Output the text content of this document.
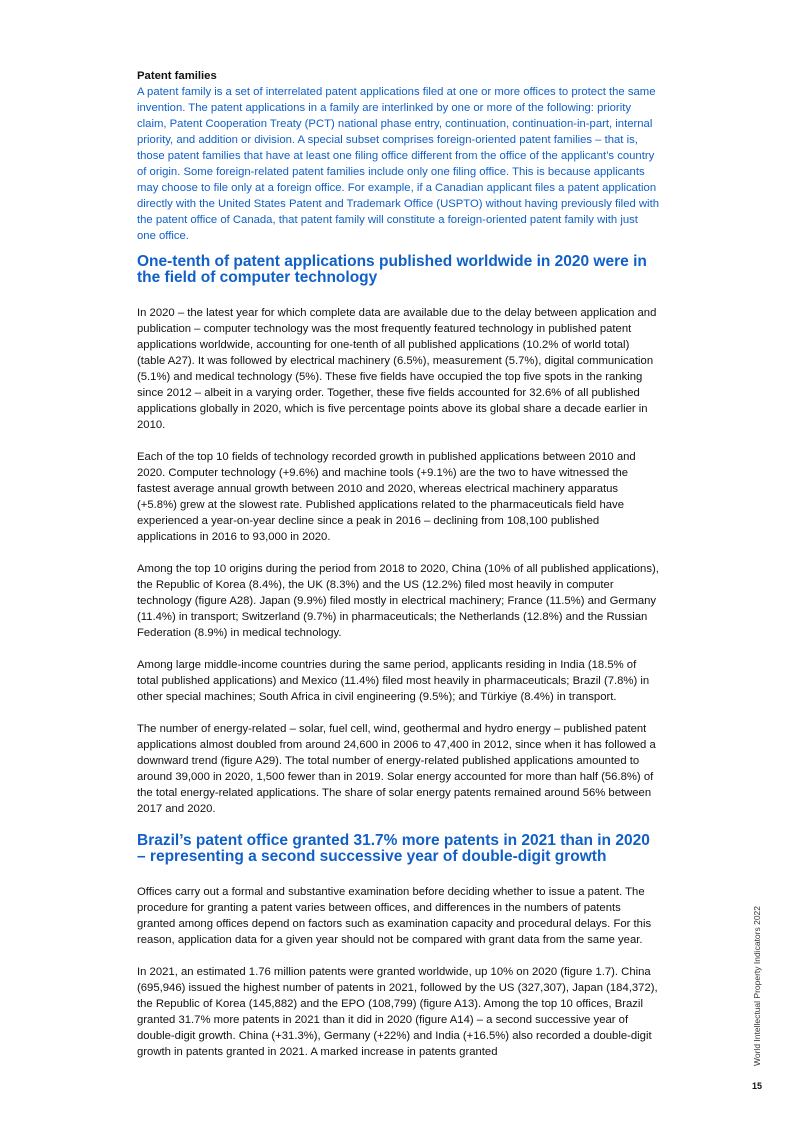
Patent families

A patent family is a set of interrelated patent applications filed at one or more offices to protect the same invention. The patent applications in a family are interlinked by one or more of the following: priority claim, Patent Cooperation Treaty (PCT) national phase entry, continuation, continuation-in-part, internal priority, and addition or division. A special subset comprises foreign-oriented patent families – that is, those patent families that have at least one filing office different from the office of the applicant’s country of origin. Some foreign-related patent families include only one filing office. This is because applicants may choose to file only at a foreign office. For example, if a Canadian applicant files a patent application directly with the United States Patent and Trademark Office (USPTO) without having previously filed with the patent office of Canada, that patent family will constitute a foreign-oriented patent family with just one office.

One-tenth of patent applications published worldwide in 2020 were in the field of computer technology

In 2020 – the latest year for which complete data are available due to the delay between application and publication – computer technology was the most frequently featured technology in published patent applications worldwide, accounting for one-tenth of all published applications (10.2% of world total) (table A27). It was followed by electrical machinery (6.5%), measurement (5.7%), digital communication (5.1%) and medical technology (5%). These five fields have occupied the top five spots in the ranking since 2012 – albeit in a varying order. Together, these five fields accounted for 32.6% of all published applications globally in 2020, which is five percentage points above its global share a decade earlier in 2010.

Each of the top 10 fields of technology recorded growth in published applications between 2010 and 2020. Computer technology (+9.6%) and machine tools (+9.1%) are the two to have witnessed the fastest average annual growth between 2010 and 2020, whereas electrical machinery apparatus (+5.8%) grew at the slowest rate. Published applications related to the pharmaceuticals field have experienced a year-on-year decline since a peak in 2016 – declining from 108,100 published applications in 2016 to 93,000 in 2020.

Among the top 10 origins during the period from 2018 to 2020, China (10% of all published applications), the Republic of Korea (8.4%), the UK (8.3%) and the US (12.2%) filed most heavily in computer technology (figure A28). Japan (9.9%) filed mostly in electrical machinery; France (11.5%) and Germany (11.4%) in transport; Switzerland (9.7%) in pharmaceuticals; the Netherlands (12.8%) and the Russian Federation (8.9%) in medical technology.

Among large middle-income countries during the same period, applicants residing in India (18.5% of total published applications) and Mexico (11.4%) filed most heavily in pharmaceuticals; Brazil (7.8%) in other special machines; South Africa in civil engineering (9.5%); and Türkiye (8.4%) in transport.

The number of energy-related – solar, fuel cell, wind, geothermal and hydro energy – published patent applications almost doubled from around 24,600 in 2006 to 47,400 in 2012, since when it has followed a downward trend (figure A29). The total number of energy-related published applications amounted to around 39,000 in 2020, 1,500 fewer than in 2019. Solar energy accounted for more than half (56.8%) of the total energy-related applications. The share of solar energy patents remained around 56% between 2017 and 2020.

Brazil’s patent office granted 31.7% more patents in 2021 than in 2020 – representing a second successive year of double-digit growth

Offices carry out a formal and substantive examination before deciding whether to issue a patent. The procedure for granting a patent varies between offices, and differences in the numbers of patents granted among offices depend on factors such as examination capacity and procedural delays. For this reason, application data for a given year should not be compared with grant data from the same year.

In 2021, an estimated 1.76 million patents were granted worldwide, up 10% on 2020 (figure 1.7). China (695,946) issued the highest number of patents in 2021, followed by the US (327,307), Japan (184,372), the Republic of Korea (145,882) and the EPO (108,799) (figure A13). Among the top 10 offices, Brazil granted 31.7% more patents in 2021 than it did in 2020 (figure A14) – a second successive year of double-digit growth. China (+31.3%), Germany (+22%) and India (+16.5%) also recorded a double-digit growth in patents granted in 2021. A marked increase in patents granted	World Intellectual Property Indicators 2022
15
